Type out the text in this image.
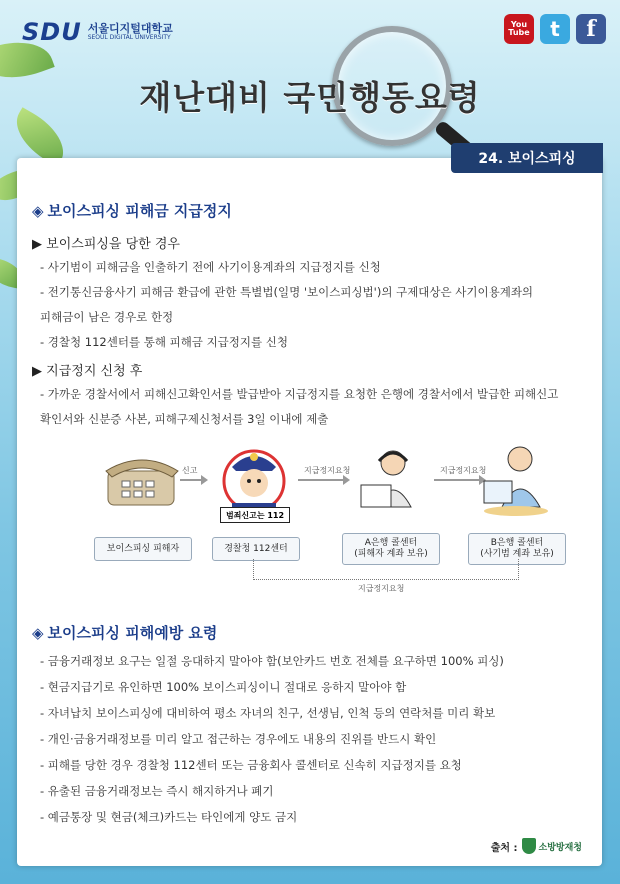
SDU 서울디지털대학교
SEOUL DIGITAL UNIVERSITY
You
Tube	t	f
재난대비 국민행동요령
24. 보이스피싱
◈ 보이스피싱 피해금 지급정지
▶ 보이스피싱을 당한 경우
- 사기범이 피해금을 인출하기 전에 사기이용계좌의 지급정지를 신청
- 전기통신금융사기 피해금 환급에 관한 특별법(일명 '보이스피싱법')의 구제대상은 사기이용계좌의
피해금이 남은 경우로 한정
- 경찰청 112센터를 통해 피해금 지급정지를 신청
▶ 지급정지 신청 후
- 가까운 경찰서에서 피해신고확인서를 발급받아 지급정지를 요청한 은행에 경찰서에서 발급한 피해신고
확인서와 신분증 사본, 피해구제신청서를 3일 이내에 제출
신고
범죄신고는 112
지급정지요청	지급정지요청
보이스피싱 피해자	경찰청 112센터
A은행 콜센터
(피해자 계좌 보유)
B은행 콜센터
(사기범 계좌 보유)
지급정지요청
◈ 보이스피싱 피해예방 요령
- 금융거래정보 요구는 일절 응대하지 말아야 함(보안카드 번호 전체를 요구하면 100% 피싱)
- 현금지급기로 유인하면 100% 보이스피싱이니 절대로 응하지 말아야 함
- 자녀납치 보이스피싱에 대비하여 평소 자녀의 친구, 선생님, 인척 등의 연락처를 미리 확보
- 개인·금융거래정보를 미리 알고 접근하는 경우에도 내용의 진위를 반드시 확인
- 피해를 당한 경우 경찰청 112센터 또는 금융회사 콜센터로 신속히 지급정지를 요청
- 유출된 금융거래정보는 즉시 해지하거나 폐기
- 예금통장 및 현금(체크)카드는 타인에게 양도 금지
출처 : 소방방재청
